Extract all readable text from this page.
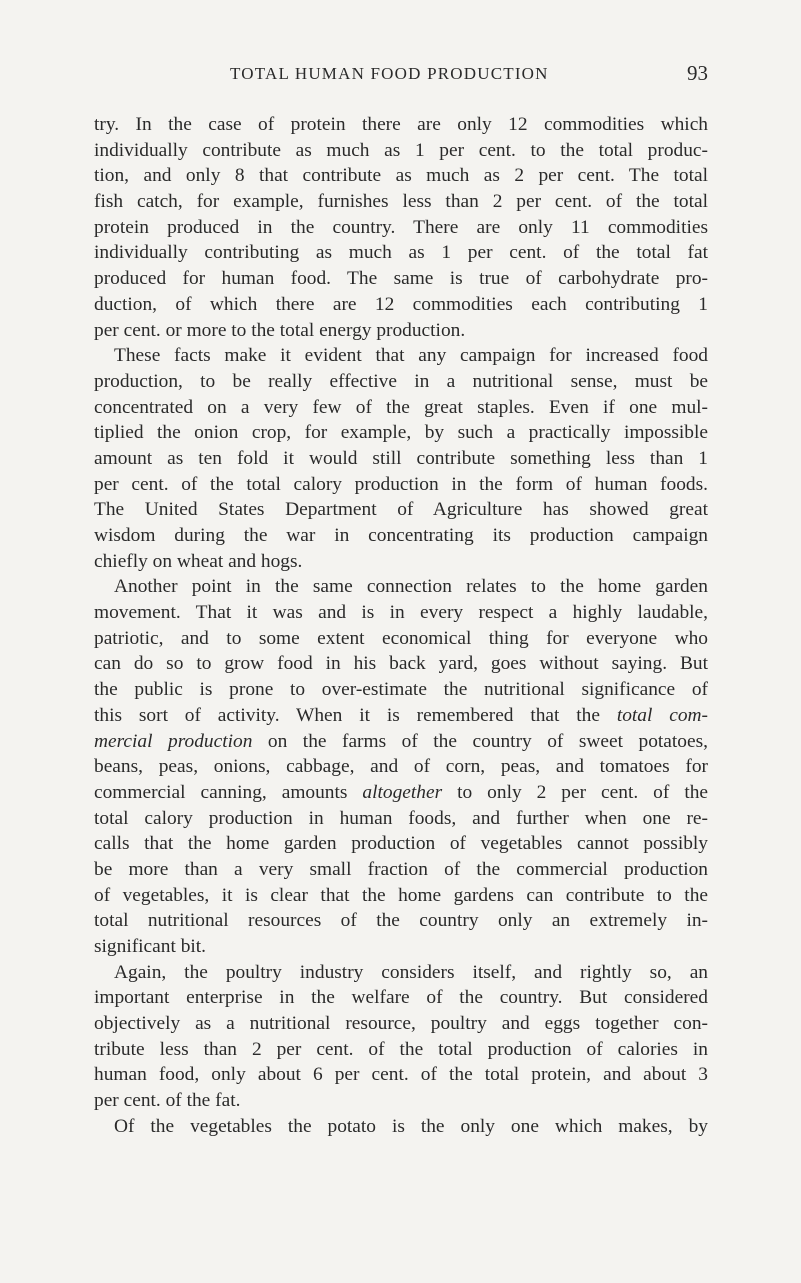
TOTAL HUMAN FOOD PRODUCTION	93
try. In the case of protein there are only 12 commodities which
individually contribute as much as 1 per cent. to the total produc-
tion, and only 8 that contribute as much as 2 per cent. The total
fish catch, for example, furnishes less than 2 per cent. of the total
protein produced in the country. There are only 11 commodities
individually contributing as much as 1 per cent. of the total fat
produced for human food. The same is true of carbohydrate pro-
duction, of which there are 12 commodities each contributing 1
per cent. or more to the total energy production.
These facts make it evident that any campaign for increased food
production, to be really effective in a nutritional sense, must be
concentrated on a very few of the great staples. Even if one mul-
tiplied the onion crop, for example, by such a practically impossible
amount as ten fold it would still contribute something less than 1
per cent. of the total calory production in the form of human foods.
The United States Department of Agriculture has showed great
wisdom during the war in concentrating its production campaign
chiefly on wheat and hogs.
Another point in the same connection relates to the home garden
movement. That it was and is in every respect a highly laudable,
patriotic, and to some extent economical thing for everyone who
can do so to grow food in his back yard, goes without saying. But
the public is prone to over-estimate the nutritional significance of
this sort of activity. When it is remembered that the total com-
mercial production on the farms of the country of sweet potatoes,
beans, peas, onions, cabbage, and of corn, peas, and tomatoes for
commercial canning, amounts altogether to only 2 per cent. of the
total calory production in human foods, and further when one re-
calls that the home garden production of vegetables cannot possibly
be more than a very small fraction of the commercial production
of vegetables, it is clear that the home gardens can contribute to the
total nutritional resources of the country only an extremely in-
significant bit.
Again, the poultry industry considers itself, and rightly so, an
important enterprise in the welfare of the country. But considered
objectively as a nutritional resource, poultry and eggs together con-
tribute less than 2 per cent. of the total production of calories in
human food, only about 6 per cent. of the total protein, and about 3
per cent. of the fat.
Of the vegetables the potato is the only one which makes, by
